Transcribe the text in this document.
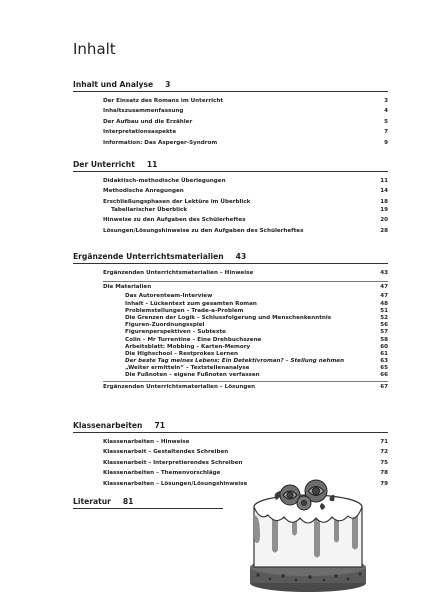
Inhalt
Inhalt und Analyse 3
Der Einsatz des Romans im Unterricht	3
Inhaltszusammenfassung	4
Der Aufbau und die Erzähler	5
Interpretationsaspekte	7
Information: Das Asperger-Syndrom	9
Der Unterricht 11
Didaktisch-methodische Überlegungen	11
Methodische Anregungen	14
Erschließungsphasen der Lektüre im Überblick	18
Tabellarischer Überblick	19
Hinweise zu den Aufgaben des Schülerheftes	20
Lösungen/Lösungshinweise zu den Aufgaben des Schülerheftes	28
Ergänzende Unterrichtsmaterialien 43
Ergänzenden Unterrichtsmaterialien – Hinweise	43
Die Materialien	47
Das Autorenteam-Interview	47
Inhalt – Lückentext zum gesamten Roman	48
Problemstellungen – Trade-a-Problem	51
Die Grenzen der Logik – Schlussfolgerung und Menschenkenntnis	52
Figuren-Zuordnungsspiel	56
Figurenperspektiven – Subtexte	57
Colin – Mr Turrentine – Eine Drehbuchszene	58
Arbeitsblatt: Mobbing – Karten-Memory	60
Die Highschool – Restprokes Lernen	61
Der beste Tag meines Lebens: Ein Detektivroman? – Stellung nehmen	63
„Weiter ermitteln“ – Textstellenanalyse	65
Die Fußnoten – eigene Fußnoten verfassen	66
Ergänzenden Unterrichtsmaterialien – Lösungen	67
Klassenarbeiten 71
Klassenarbeiten – Hinweise	71
Klassenarbeit – Gestaltendes Schreiben	72
Klassenarbeit – Interpretierendes Schreiben	75
Klassenarbeiten – Themenvorschläge	78
Klassenarbeiten – Lösungen/Lösungshinweise	79
Literatur 81
